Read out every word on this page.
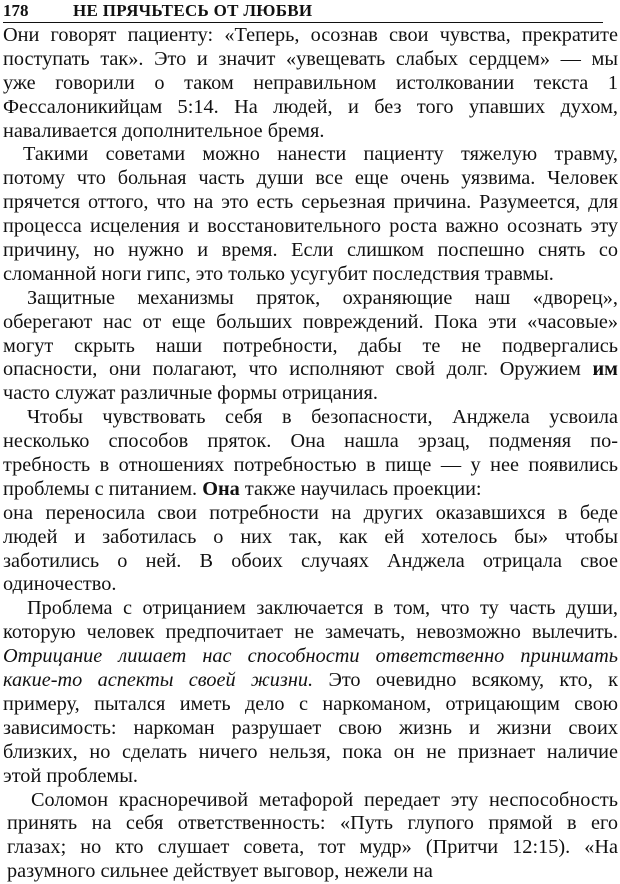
178	НЕ ПРЯЧЬТЕСЬ ОТ ЛЮБВИ
Они говорят пациенту: «Теперь, осознав свои чувства, прекратите
поступать так». Это и значит «увещевать слабых сердцем» — мы
уже говорили о таком неправильном истолковании текста 1
Фессалоникийцам 5:14. На людей, и без того упавших духом,
наваливается дополнительное бремя.
Такими советами можно нанести пациенту тяжелую травму,
потому что больная часть души все еще очень уязвима. Человек
прячется оттого, что на это есть серьезная причина. Разумеется, для
процесса исцеления и восстановительного роста важно осознать эту
причину, но нужно и время. Если слишком поспешно снять со
сломанной ноги гипс, это только усугубит последствия травмы.
Защитные механизмы пряток, охраняющие наш «дворец»,
оберегают нас от еще больших повреждений. Пока эти «часовые»
могут скрыть наши потребности, дабы те не подвергались
опасности, они полагают, что исполняют свой долг. Оружием им
часто служат различные формы отрицания.
Чтобы чувствовать себя в безопасности, Анджела усвоила
несколько способов пряток. Она нашла эрзац, подменяя по-
требность в отношениях потребностью в пище — у нее появились
проблемы с питанием. Она также научилась проекции:
она переносила свои потребности на других оказавшихся в беде
людей и заботилась о них так, как ей хотелось бы» чтобы
заботились о ней. В обоих случаях Анджела отрицала свое
одиночество.
Проблема с отрицанием заключается в том, что ту часть души,
которую человек предпочитает не замечать, невозможно вылечить.
Отрицание лишает нас способности ответственно принимать
какие-то аспекты своей жизни. Это очевидно всякому, кто, к
примеру, пытался иметь дело с наркоманом, отрицающим свою
зависимость: наркоман разрушает свою жизнь и жизни своих
близких, но сделать ничего нельзя, пока он не признает наличие
этой проблемы.
Соломон красноречивой метафорой передает эту неспособность
принять на себя ответственность: «Путь глупого прямой в его
глазах; но кто слушает совета, тот мудр» (Притчи 12:15). «На
разумного сильнее действует выговор, нежели на
